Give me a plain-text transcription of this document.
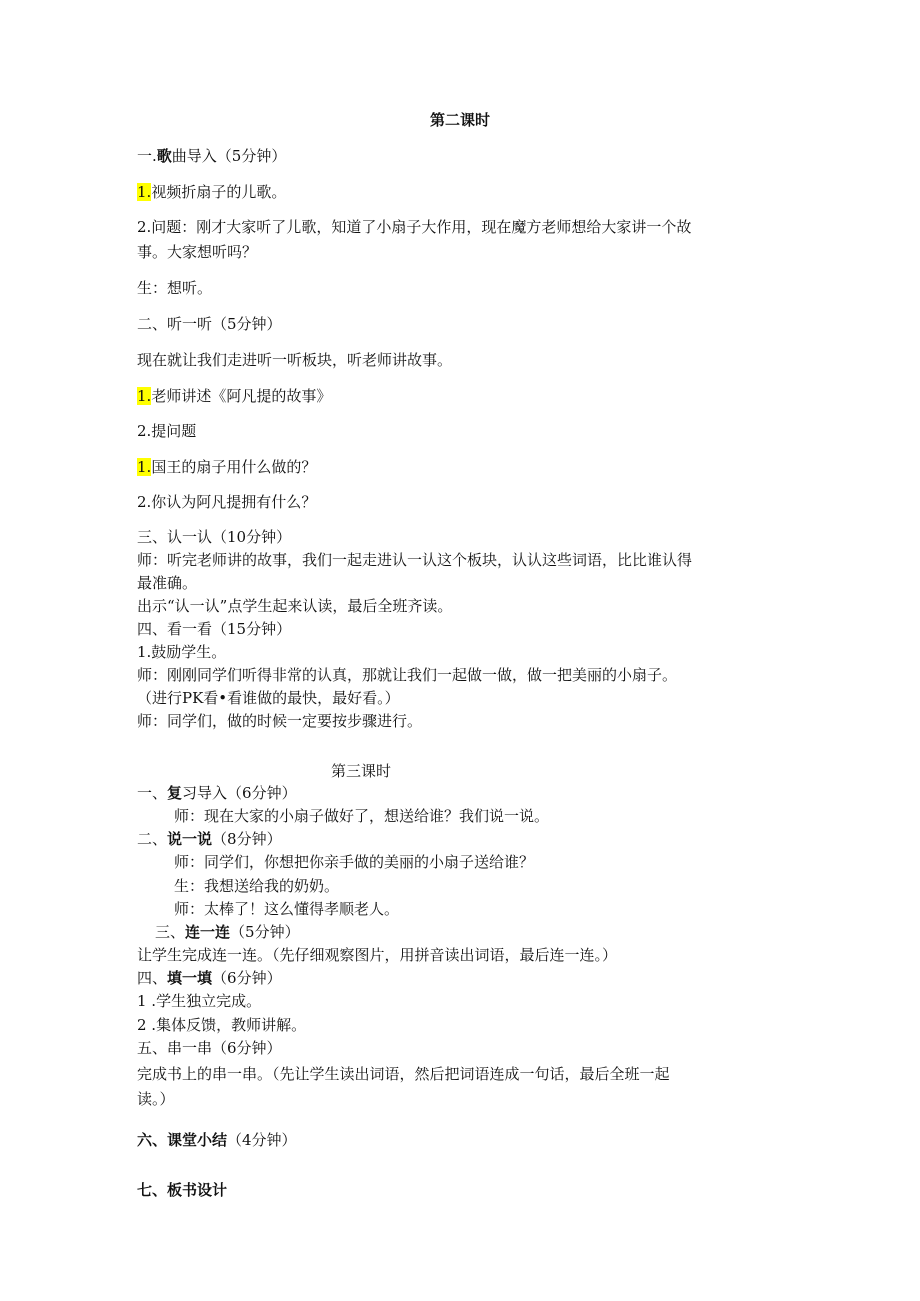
第二课时

一.歌曲导入（5分钟）

1.视频折扇子的儿歌。

2.问题：刚才大家听了儿歌，知道了小扇子大作用，现在魔方老师想给大家讲一个故

事。大家想听吗？

生：想听。

二、听一听（5分钟）

现在就让我们走进听一听板块，听老师讲故事。

1.老师讲述《阿凡提的故事》

2.提问题

1.国王的扇子用什么做的？

2.你认为阿凡提拥有什么？

三、认一认（10分钟）

师：听完老师讲的故事，我们一起走进认一认这个板块，认认这些词语，比比谁认得

最准确。

出示“认一认”点学生起来认读，最后全班齐读。

四、看一看（15分钟）

1.鼓励学生。

师：刚刚同学们听得非常的认真，那就让我们一起做一做，做一把美丽的小扇子。

（进行PK看•看谁做的最快，最好看。）

师：同学们，做的时候一定要按步骤进行。

第三课时

一、复习导入（6分钟）

师：现在大家的小扇子做好了，想送给谁？我们说一说。

二、说一说（8分钟）

师：同学们，你想把你亲手做的美丽的小扇子送给谁？

生：我想送给我的奶奶。

师：太棒了！这么懂得孝顺老人。

三、连一连（5分钟）

让学生完成连一连。（先仔细观察图片，用拼音读出词语，最后连一连。）

四、填一填（6分钟）

1 .学生独立完成。

2 .集体反馈，教师讲解。

五、串一串（6分钟）

完成书上的串一串。（先让学生读出词语，然后把词语连成一句话，最后全班一起

读。）

六、课堂小结（4分钟）

七、板书设计
